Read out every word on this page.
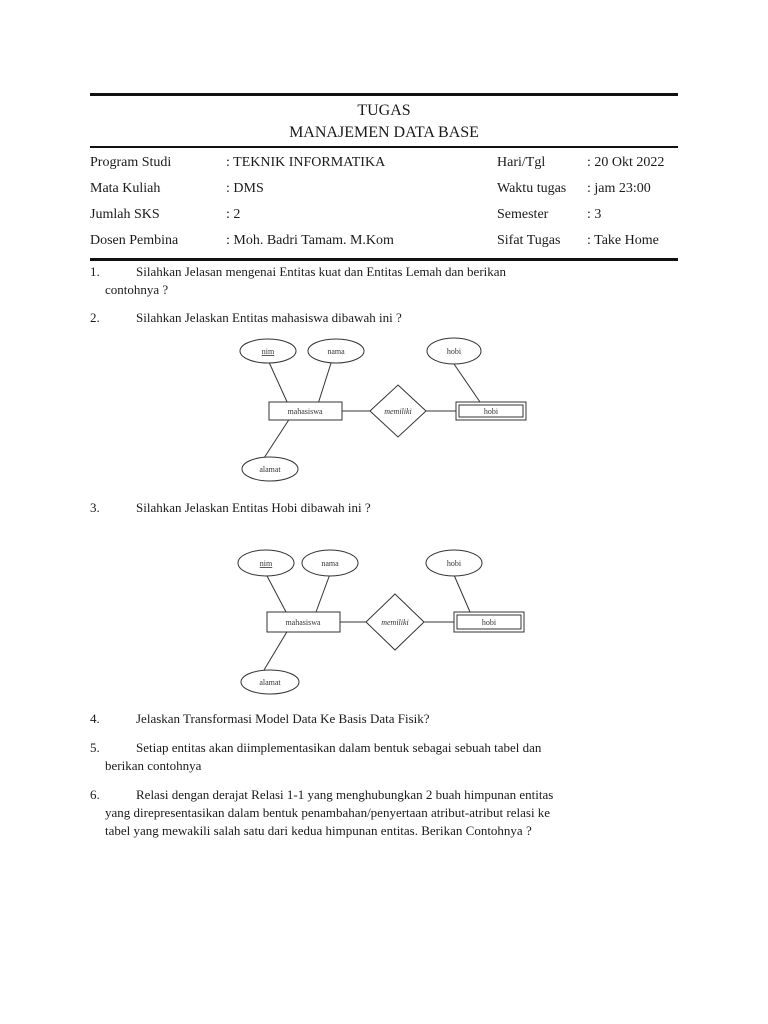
TUGAS
MANAJEMEN DATA BASE
Program Studi	: TEKNIK INFORMATIKA	Hari/Tgl	: 20 Okt 2022
Mata Kuliah	: DMS	Waktu tugas : jam 23:00
Jumlah SKS	: 2	Semester	: 3
Dosen Pembina	: Moh. Badri Tamam. M.Kom	Sifat Tugas : Take Home
1.	Silahkan Jelasan mengenai Entitas kuat dan Entitas Lemah dan berikan
contohnya ?
2.	Silahkan Jelaskan Entitas mahasiswa dibawah ini ?
nim	nama	hobi
mahasiswa	memiliki	hobi
alamat
3.	Silahkan Jelaskan Entitas Hobi dibawah ini ?
nim	nama	hobi
mahasiswa	memiliki	hobi
alamat
4.	Jelaskan Transformasi Model Data Ke Basis Data Fisik?
5.	Setiap entitas akan diimplementasikan dalam bentuk sebagai sebuah tabel dan
berikan contohnya
6.	Relasi dengan derajat Relasi 1-1 yang menghubungkan 2 buah himpunan entitas
yang direpresentasikan dalam bentuk penambahan/penyertaan atribut-atribut relasi ke
tabel yang mewakili salah satu dari kedua himpunan entitas. Berikan Contohnya ?
